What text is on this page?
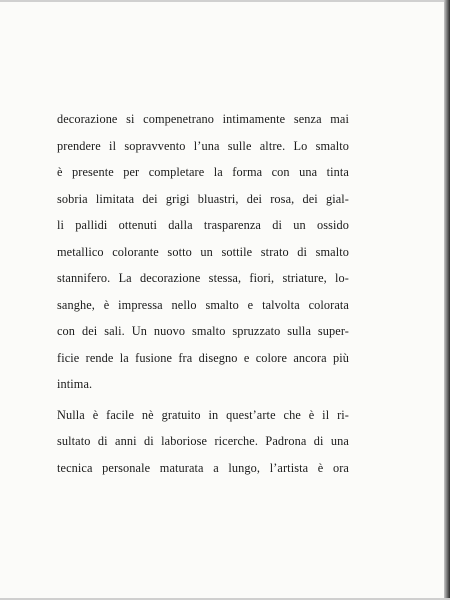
decorazione si compenetrano intimamente senza mai
prendere il sopravvento l’una sulle altre. Lo smalto
è presente per completare la forma con una tinta
sobria limitata dei grigi bluastri, dei rosa, dei gial-
li pallidi ottenuti dalla trasparenza di un ossido
metallico colorante sotto un sottile strato di smalto
stannifero. La decorazione stessa, fiori, striature, lo-
sanghe, è impressa nello smalto e talvolta colorata
con dei sali. Un nuovo smalto spruzzato sulla super-
ficie rende la fusione fra disegno e colore ancora più
intima.
Nulla è facile nè gratuito in quest’arte che è il ri-
sultato di anni di laboriose ricerche. Padrona di una
tecnica personale maturata a lungo, l’artista è ora
